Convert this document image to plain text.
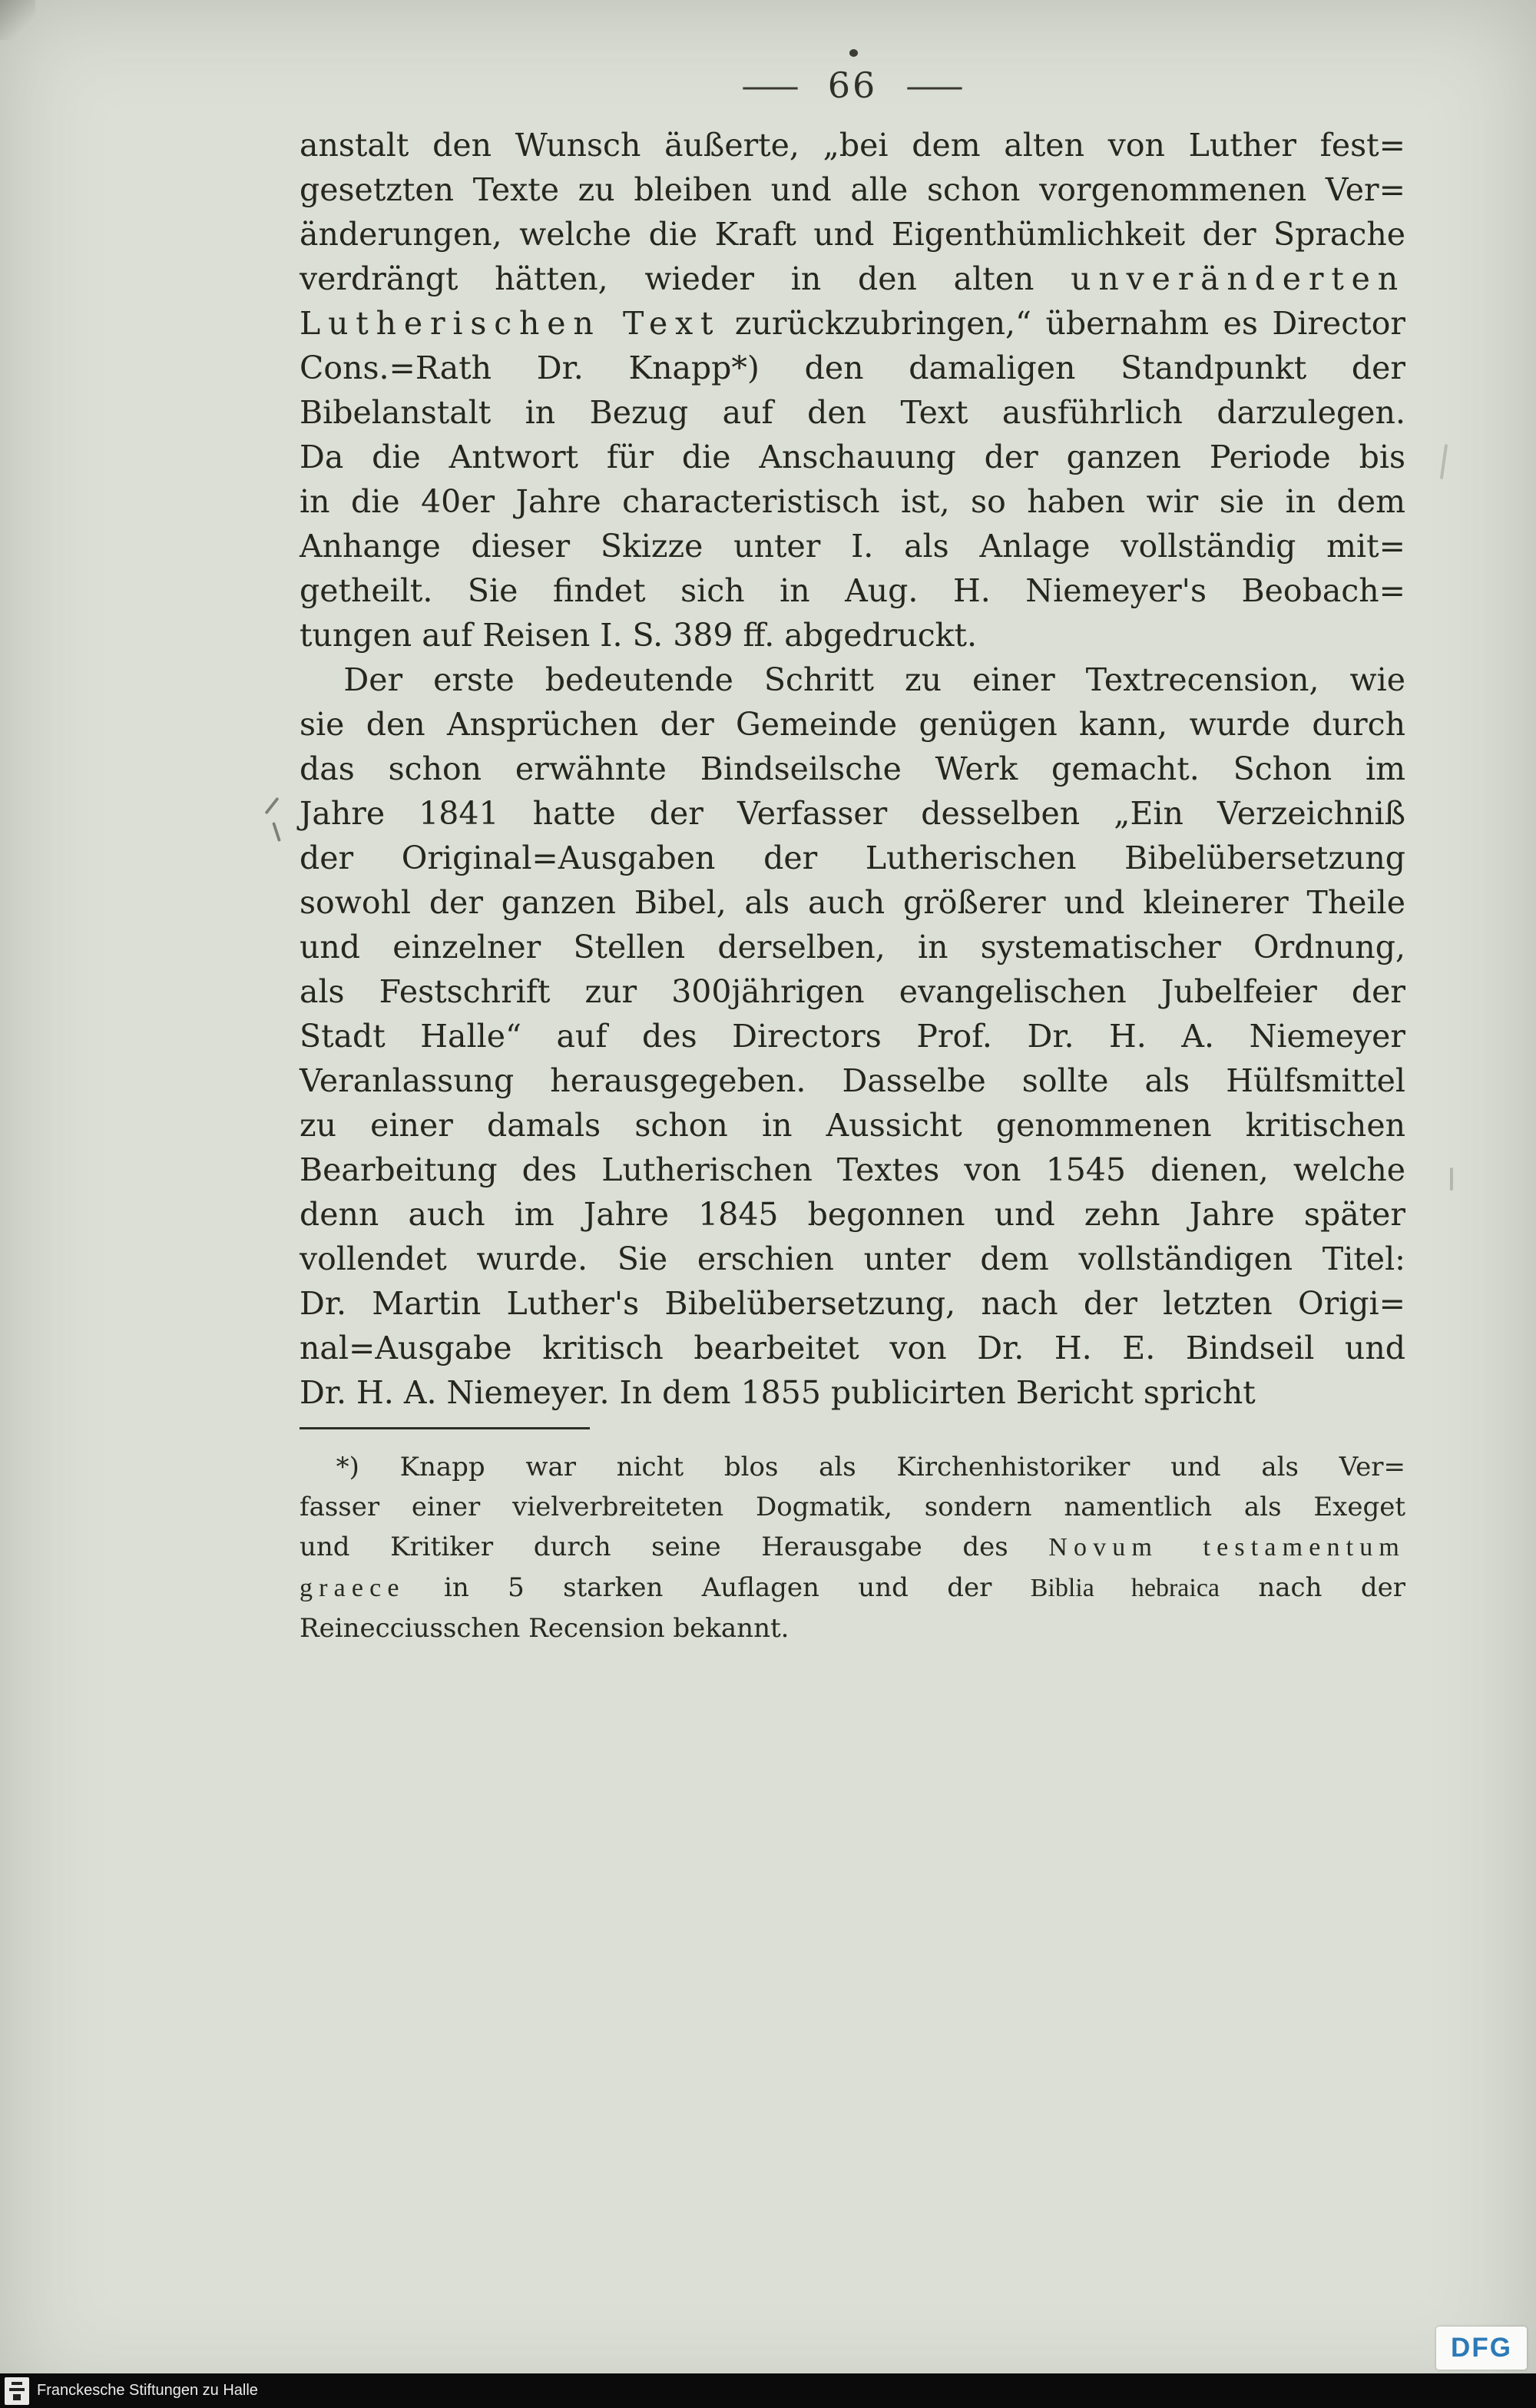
— 66 —
anstalt den Wunsch äußerte, „bei dem alten von Luther fest=
gesetzten Texte zu bleiben und alle schon vorgenommenen Ver=
änderungen, welche die Kraft und Eigenthümlichkeit der Sprache
verdrängt hätten, wieder in den alten unveränderten
Lutherischen Text zurückzubringen,“ übernahm es Director
Cons.=Rath Dr. Knapp*) den damaligen Standpunkt der
Bibelanstalt in Bezug auf den Text ausführlich darzulegen.
Da die Antwort für die Anschauung der ganzen Periode bis
in die 40er Jahre characteristisch ist, so haben wir sie in dem
Anhange dieser Skizze unter I. als Anlage vollständig mit=
getheilt. Sie findet sich in Aug. H. Niemeyer's Beobach=
tungen auf Reisen I. S. 389 ff. abgedruckt.
Der erste bedeutende Schritt zu einer Textrecension, wie
sie den Ansprüchen der Gemeinde genügen kann, wurde durch
das schon erwähnte Bindseilsche Werk gemacht. Schon im
Jahre 1841 hatte der Verfasser desselben „Ein Verzeichniß
der Original=Ausgaben der Lutherischen Bibelübersetzung
sowohl der ganzen Bibel, als auch größerer und kleinerer Theile
und einzelner Stellen derselben, in systematischer Ordnung,
als Festschrift zur 300jährigen evangelischen Jubelfeier der
Stadt Halle“ auf des Directors Prof. Dr. H. A. Niemeyer
Veranlassung herausgegeben. Dasselbe sollte als Hülfsmittel
zu einer damals schon in Aussicht genommenen kritischen
Bearbeitung des Lutherischen Textes von 1545 dienen, welche
denn auch im Jahre 1845 begonnen und zehn Jahre später
vollendet wurde. Sie erschien unter dem vollständigen Titel:
Dr. Martin Luther's Bibelübersetzung, nach der letzten Origi=
nal=Ausgabe kritisch bearbeitet von Dr. H. E. Bindseil und
Dr. H. A. Niemeyer. In dem 1855 publicirten Bericht spricht
*) Knapp war nicht blos als Kirchenhistoriker und als Ver=
fasser einer vielverbreiteten Dogmatik, sondern namentlich als Exeget
und Kritiker durch seine Herausgabe des Novum testamentum
graece in 5 starken Auflagen und der Biblia hebraica nach der
Reinecciusschen Recension bekannt.
DFG
Franckesche Stiftungen zu Halle
